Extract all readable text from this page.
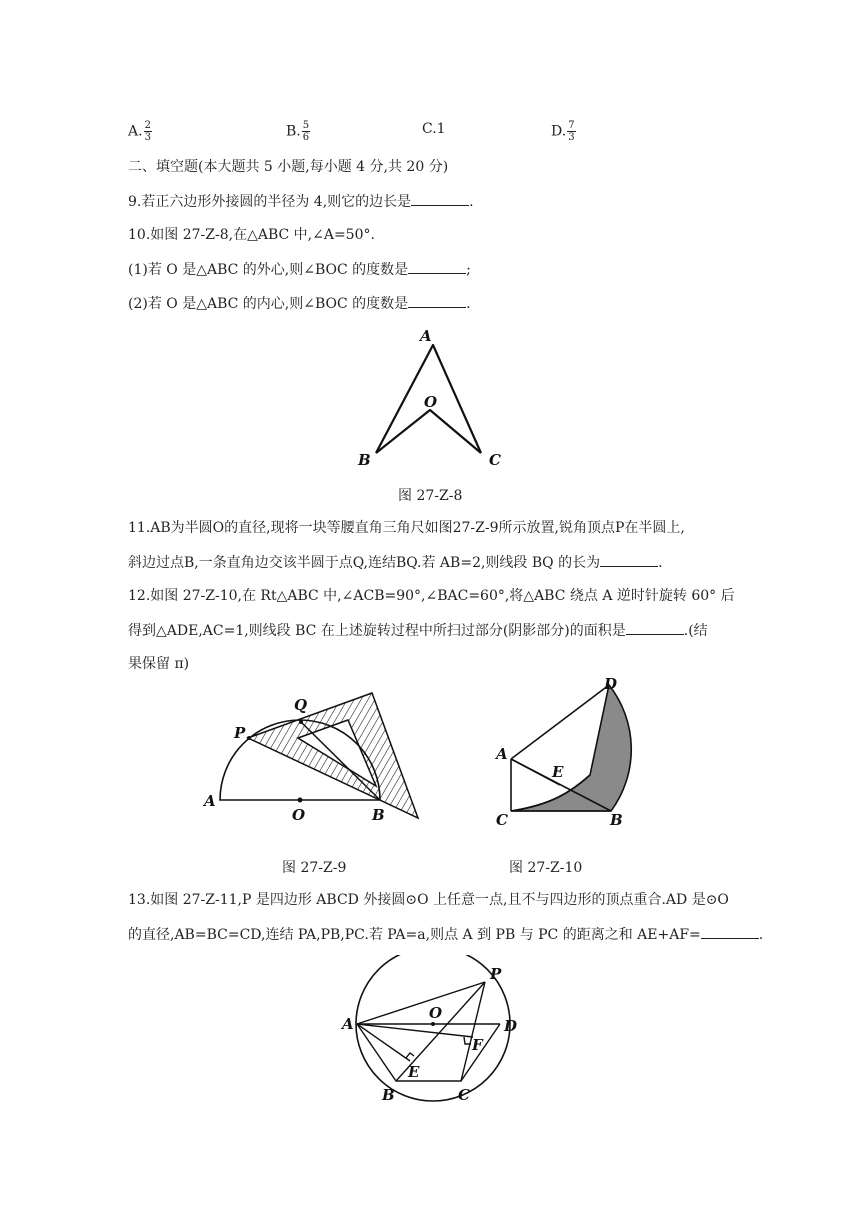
A. $\frac{2}{3}$	B. $\frac{5}{6}$	C.1	D. $\frac{7}{3}$
二、填空题(本大题共 5 小题,每小题 4 分,共 20 分)
9.若正六边形外接圆的半径为 4,则它的边长是	.
10.如图 27-Z-8,在△ABC 中,∠A=50°.
(1)若 O 是△ABC 的外心,则∠BOC 的度数是	;
(2)若 O 是△ABC 的内心,则∠BOC 的度数是	.
A
O
B	C
图 27-Z-8
11.AB为半圆O的直径,现将一块等腰直角三角尺如图27-Z-9所示放置,锐角顶点P在半圆上,
斜边过点B,一条直角边交该半圆于点Q,连结BQ.若 AB=2,则线段 BQ 的长为	.
12.如图 27-Z-10,在 Rt△ABC 中,∠ACB=90°,∠BAC=60°,将△ABC 绕点 A 逆时针旋转 60° 后
得到△ADE,AC=1,则线段 BC 在上述旋转过程中所扫过部分(阴影部分)的面积是	.(结
果保留 π)
Q
P
A
O	B
图 27-Z-9
D
A
E
C	B
图 27-Z-10
13.如图 27-Z-11,P 是四边形 ABCD 外接圆⊙O 上任意一点,且不与四边形的顶点重合.AD 是⊙O
的直径,AB=BC=CD,连结 PA,PB,PC.若 PA=a,则点 A 到 PB 与 PC 的距离之和 AE+AF=	.
P
A
O
D
F
E
B	C
